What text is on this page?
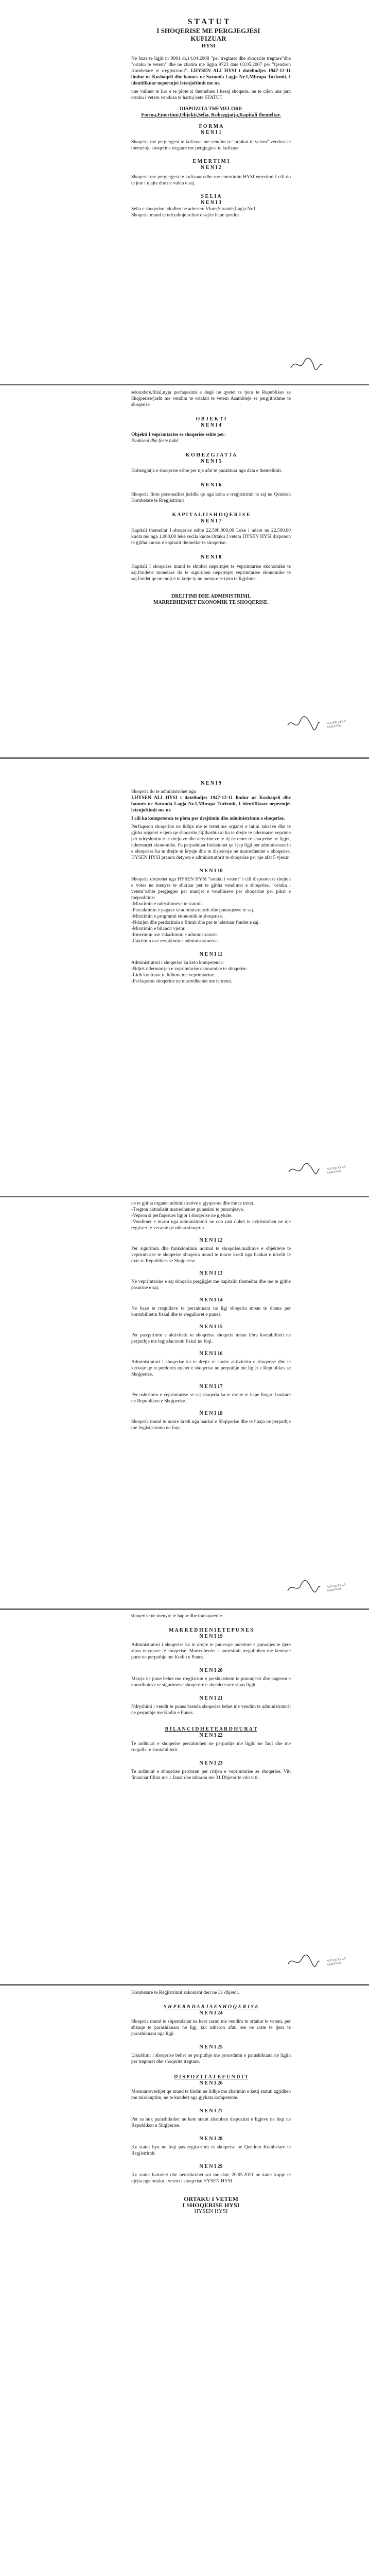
S T A T U T
I SHOQERISE ME PERGJEGJESI
KUFIZUAR
HYSI

Ne baze te ligjit nr 9901 dt.14.04.2008 "per tregtaret dhe shoqerite tregtare"dhe "ortaku te vetem" dhe ne zbatim me ligjin 9723 date 03.05.2007 per "Qendren Kombetare te rregjistrimit". I.HYSEN ALI HYSI i datelindjes 1947-12-11 lindur ne Koshaqeli dhe banues ne Saranda Lagja Nr.1,Mbrapa Turizmit, I identifikuar nepermjet letenjoftimit me nr.

une vullnet te lire e te plote si themelues i kesaj shoqerie, ne te cilen une jam ortaku i vetem vendosa te hartoj kete STATUT

DISPOZITA THEMELORE
Forma,Emertimi,Objekti,Selia, Kohezgjatja,Kapitali themeltar.
F O R M A
N E N I 1

Shoqeria me pergjegjesi te kufizuar me vendim te "ortakut te vetem" vendosi te themeloje shoqerine tregtare me pergjegjesi te kufizuar

E M E R T I M I
N E N I 2

Shoqeria me pergjegjesi te kufizuar edhe me emertimin HYSI emertimi I cili do te jete i njejte dhe ne vulen e saj.

S E L I A
N E N I 3

Selia e shoqerise ndodhet ne adresen: Vlore,Sarande,Lagja Nr.1

Shoqeria mund te ndryshoje seline e saj/te hape qendra

sekondare,filial,nyja perfaqesimi e degë ne qyetet te tjera te Republikes se Shqiperise/jasht me vendim te ortakut te vetem Asambleje se pergjithshme te shoqerise

O B J E K T I
N E N I 4

Objekti I veprimtarise se shoqerise eshte per:

Punkseni dhe forte bukë

K O H E Z G J A T J A
N E N I 5

Kohezgjatja e shoqerise eshte per nje afat te pacaktuar nga data e themelimit.

N E N I 6

Shoqeria fiton personalitet juridik qe nga koha e rregjistrimit te saj ne Qendren Kombetare te Rregjistrimit

K A P I T A L I I S H O Q E R I S E
N E N I 7

Kapitali themeltar I shoqerise eshte 22.500.000,00 Leke i ndare ne 22.500,00 kuota me nga 1.000,00 leke secila kuote.Ortaku I vetem HYSEN HYSI disponon te gjitha kuotat e kapitalit themeltar te shoqerise.

N E N I 8

Kapitali I shoqerise mund te shtohet nepermjet te veprimtarise ekonomike te saj,fondeve monetare do te siguruhen nepermjet veprimtarise ekonomike te saj,fondet qe ne mujt e te kreje ty ne menyre te tjera te ligjshme.

DREJTIMI DHE ADMINISTRIMI,
MARREDHENIET EKONOMIK TE SHOQERISE.
NOTER ZYRA SARANDE
N E N I 9

Shoqeria do te administrohet nga

I.HYSEN ALI HYSI i datelindjes 1947-12-11 lindur ne Koshaqeli dhe banues ne Saranda Lagja Nr.1,Mbrapa Turizmit, I identifikuar nepermjet letenjoftimit me nr.

I cili ka kompetenca te plota per drejtimin dhe administrimin e shoqerise.

Perfaqeson shoqerine ne lidhje me te tretet,me organet e tatim taksave dhe te gjitha organet e tjera qe shoqerite,Gjithashtu ai ka te drejte te ndermarre veprime per ndryshimin e te drejtave dhe detyrimeve te tij ne emer te shoqerise ne ligjet, ndermarjet ekonomike. Pa perjashtuar funksionet qe i jep ligji per administratorin e shoqerise ka te drejte te kryeje dhe te disponoje ne marredheniet e shoqerise, HYSEN HYSI pranon detyren e administratorit te shoqerise per nje afat 5 vjecar.

N E N I 10

Shoqeria drejtohet nga HYSEN HYSI "ortaku i vetem" i cili disponon te drejten e votes ne menyre te shkruar per te gjitha vendimet e shoqerise. "ortaku i vetem"eshte pergjegjes per marrjet e vendimeve per shoqerine per pikat e meposhtme:

-Miratimin e ndryshimeve te statutit.
-Percaktimin e pagave te administratorit dhe punonjesve te saj.
-Miratimin e programit ekonomik te shoqerise.
-Ndarjen dhe perdorimin e fitimit dhe per te ndertuar fondet e saj.
-Miratimin e bilancit vjetor.
-Emerimin ose shkarkimin e administratorit.
-Caktimin ose revokimin e administratoreve.

N E N I 11

Administratori i shoqerise ka keto kompetenca:

-Ndjek ndermarrjen e veprimtarise ekonomike te shoqerise.
-Lidh kontratat te lidhura me veprimtarine.
-Perfaqeson shoqerine ne marredheniet me te tretet.

NOTER ZYRA SARANDE

ne te gjitha organet administrative e gjyqesore dhe me te tretet.

-Tregton aktualisht marredheniet punesimi te punonjesve.
-Vepron si perfaqesues ligjor i shoqerise ne gjykate.
-Vendimet e marra nga administratori ne cdo rast duhet te evidentohen ne nje regjister te vecante qe mban shoqeria.

N E N I 12

Per sigurimin dhe funksionimin normal te shoqerise,mallrave e objekteve te veprimtarise te shoqerise shoqeria mund te marre kredi nga bankat e nivelit te dyte te Republikes se Shqiperise.

N E N I 13

Ne veprimtarine e saj shoqeria pergjigjet me kapitalin themeltar dhe me te gjithe pasurine e saj.

N E N I 14

Ne baze te rregullave te percaktuara ne ligj shoqeria mban te dhena per kontabilitetin fiskal dhe te rregulloret e punes.

N E N I 15

Per pasqyrimin e aktivitetit te shoqerise shoqeria mban libra kontabiliteti ne perputhje me legjislacionin fiskal ne fuqi.

N E N I 16

Administratori i shoqerise ka te drejte te shohe aktivitetin e shoqerise dhe te kerkoje qe te perdoren mjetet e shoqerise ne perputhje me ligjet e Republikes se Shqiperise.

N E N I 17

Per ushtrimin e veprimtarise se saj shoqeria ka te drejte te hape llogari bankare ne Republiken e Shqiperise.

N E N I 18

Shoqeria mund te marre kredi nga bankat e Shqiperise dhe te huaja ne perputhje me legjislacionin ne fuqi.

NOTER ZYRA SARANDE

shoqerise ne menyre te hapur dhe transparente.

M A R R E D H E N I E T E P U N E S
N E N I 19

Administratori i shoqerise ka te drejte te punesoje punetore e punonjes te tjere sipas nevojave te shoqerise. Marredheniet e punesimit rregullohen me kontrate pune ne perputhje me Kodin e Punes.

N E N I 20

Marrja ne pune behet me rregjistrim e pershtatshem te punonjesit dhe pagesen e kontributeve te sigurimeve shoqerore e shendetesore sipas ligjit.

N E N I 21

Ndryshimi i vendit te punes brenda shoqerise behet me vendim te administratorit ne perputhje me Kodin e Punes.

B I L A N C I D H E T E A R D H U R A T
N E N I 22

Te ardhurat e shoqerise percaktohen ne perputhje me ligjin ne fuqi dhe me rregullat e kontabilitetit.

N E N I 23

Te ardhurat e shoqerise perdoren per rritjen e veprimtarise se shoqerise. Viti financiar fillon me 1 Janar dhe mbaron me 31 Dhjetor te cdo viti.

NOTER ZYRA SARANDE

Kombetare te Regjistrimit zakonisht deri ne 31 dhjetor.

S H P E R N D A R J A E S H O Q E R I S E
N E N I 24

Shoqeria mund te shperndahet ne keto raste: me vendim te ortakut te vetem, per shkaqe te parashikuara ne ligj, kur mbaron afati ose ne raste te tjera te parashikuara nga ligji.

N E N I 25

Likuidimi i shoqerise behet ne perputhje me procedurat e parashikuara ne ligjin per tregtaret dhe shoqerite tregtare.

D I S P O Z I T A T E F U N D I T
N E N I 26

Mosmarreveshjet qe mund te lindin ne lidhje me zbatimin e ketij statuti zgjidhen me mirekuptim, ne te kundert nga gjykata kompetente.

N E N I 27

Per sa nuk parashikohet ne kete statut zbatohen dispozitat e ligjeve ne fuqi ne Republiken e Shqiperise.

N E N I 28

Ky statut hyn ne fuqi pas regjistrimit te shoqerise ne Qendren Kombetare te Regjistrimit.

N E N I 29

Ky statut hartohet dhe nenshkruhet sot me date 20.05.2011 ne kater kopje te njejta nga ortaku i vetem i shoqerise HYSEN HYSI.

ORTAKU I VETEM
I SHOQERISE HYSI
HYSEN HYSI
